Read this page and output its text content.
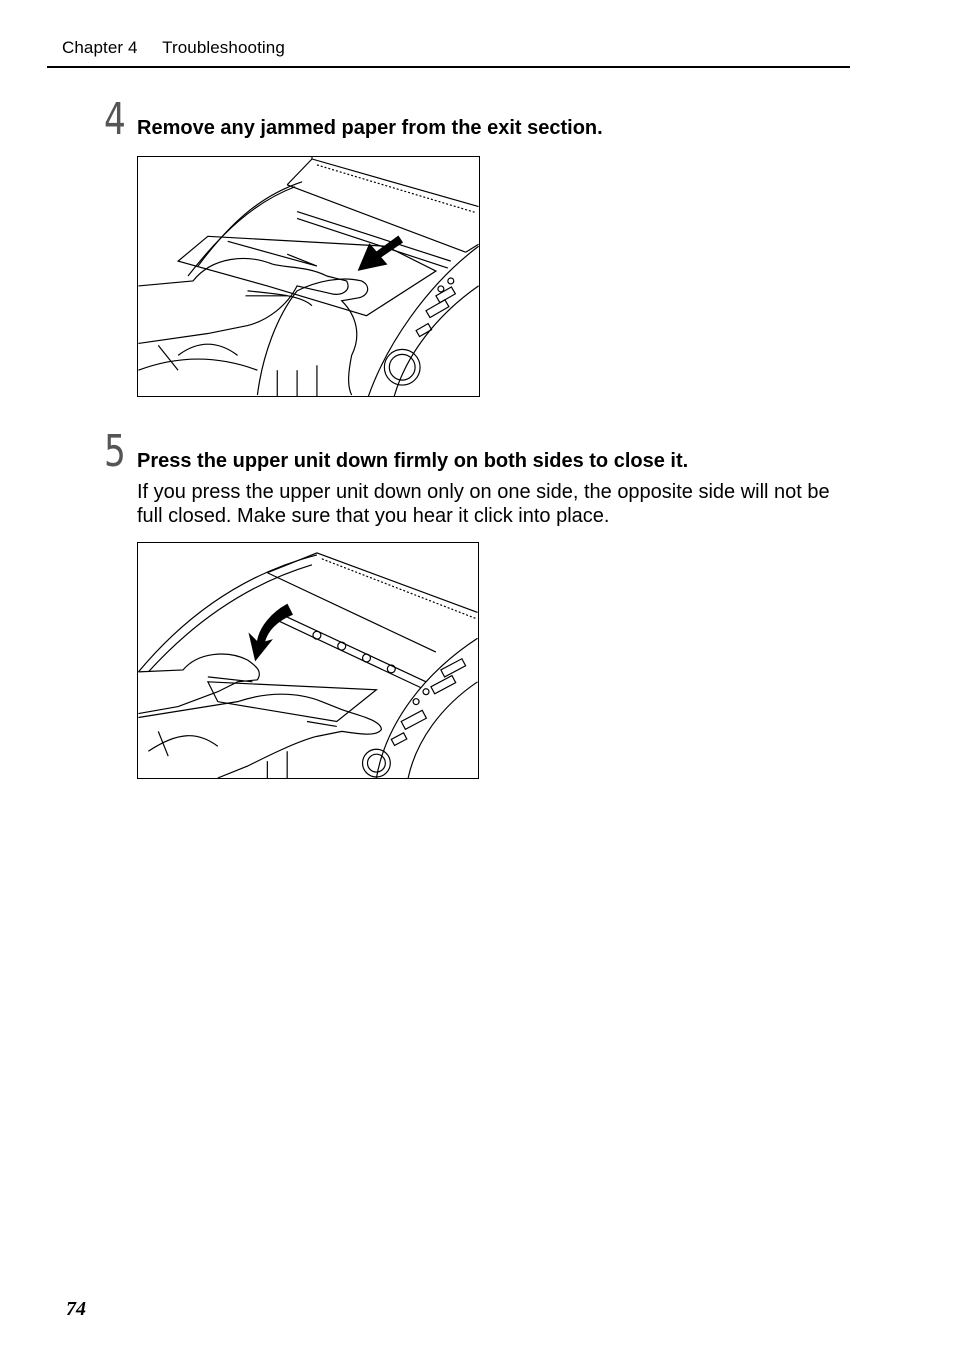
Chapter 4 Troubleshooting
4 Remove any jammed paper from the exit section.
5 Press the upper unit down firmly on both sides to close it.
If you press the upper unit down only on one side, the opposite side will not be full closed. Make sure that you hear it click into place.
74
